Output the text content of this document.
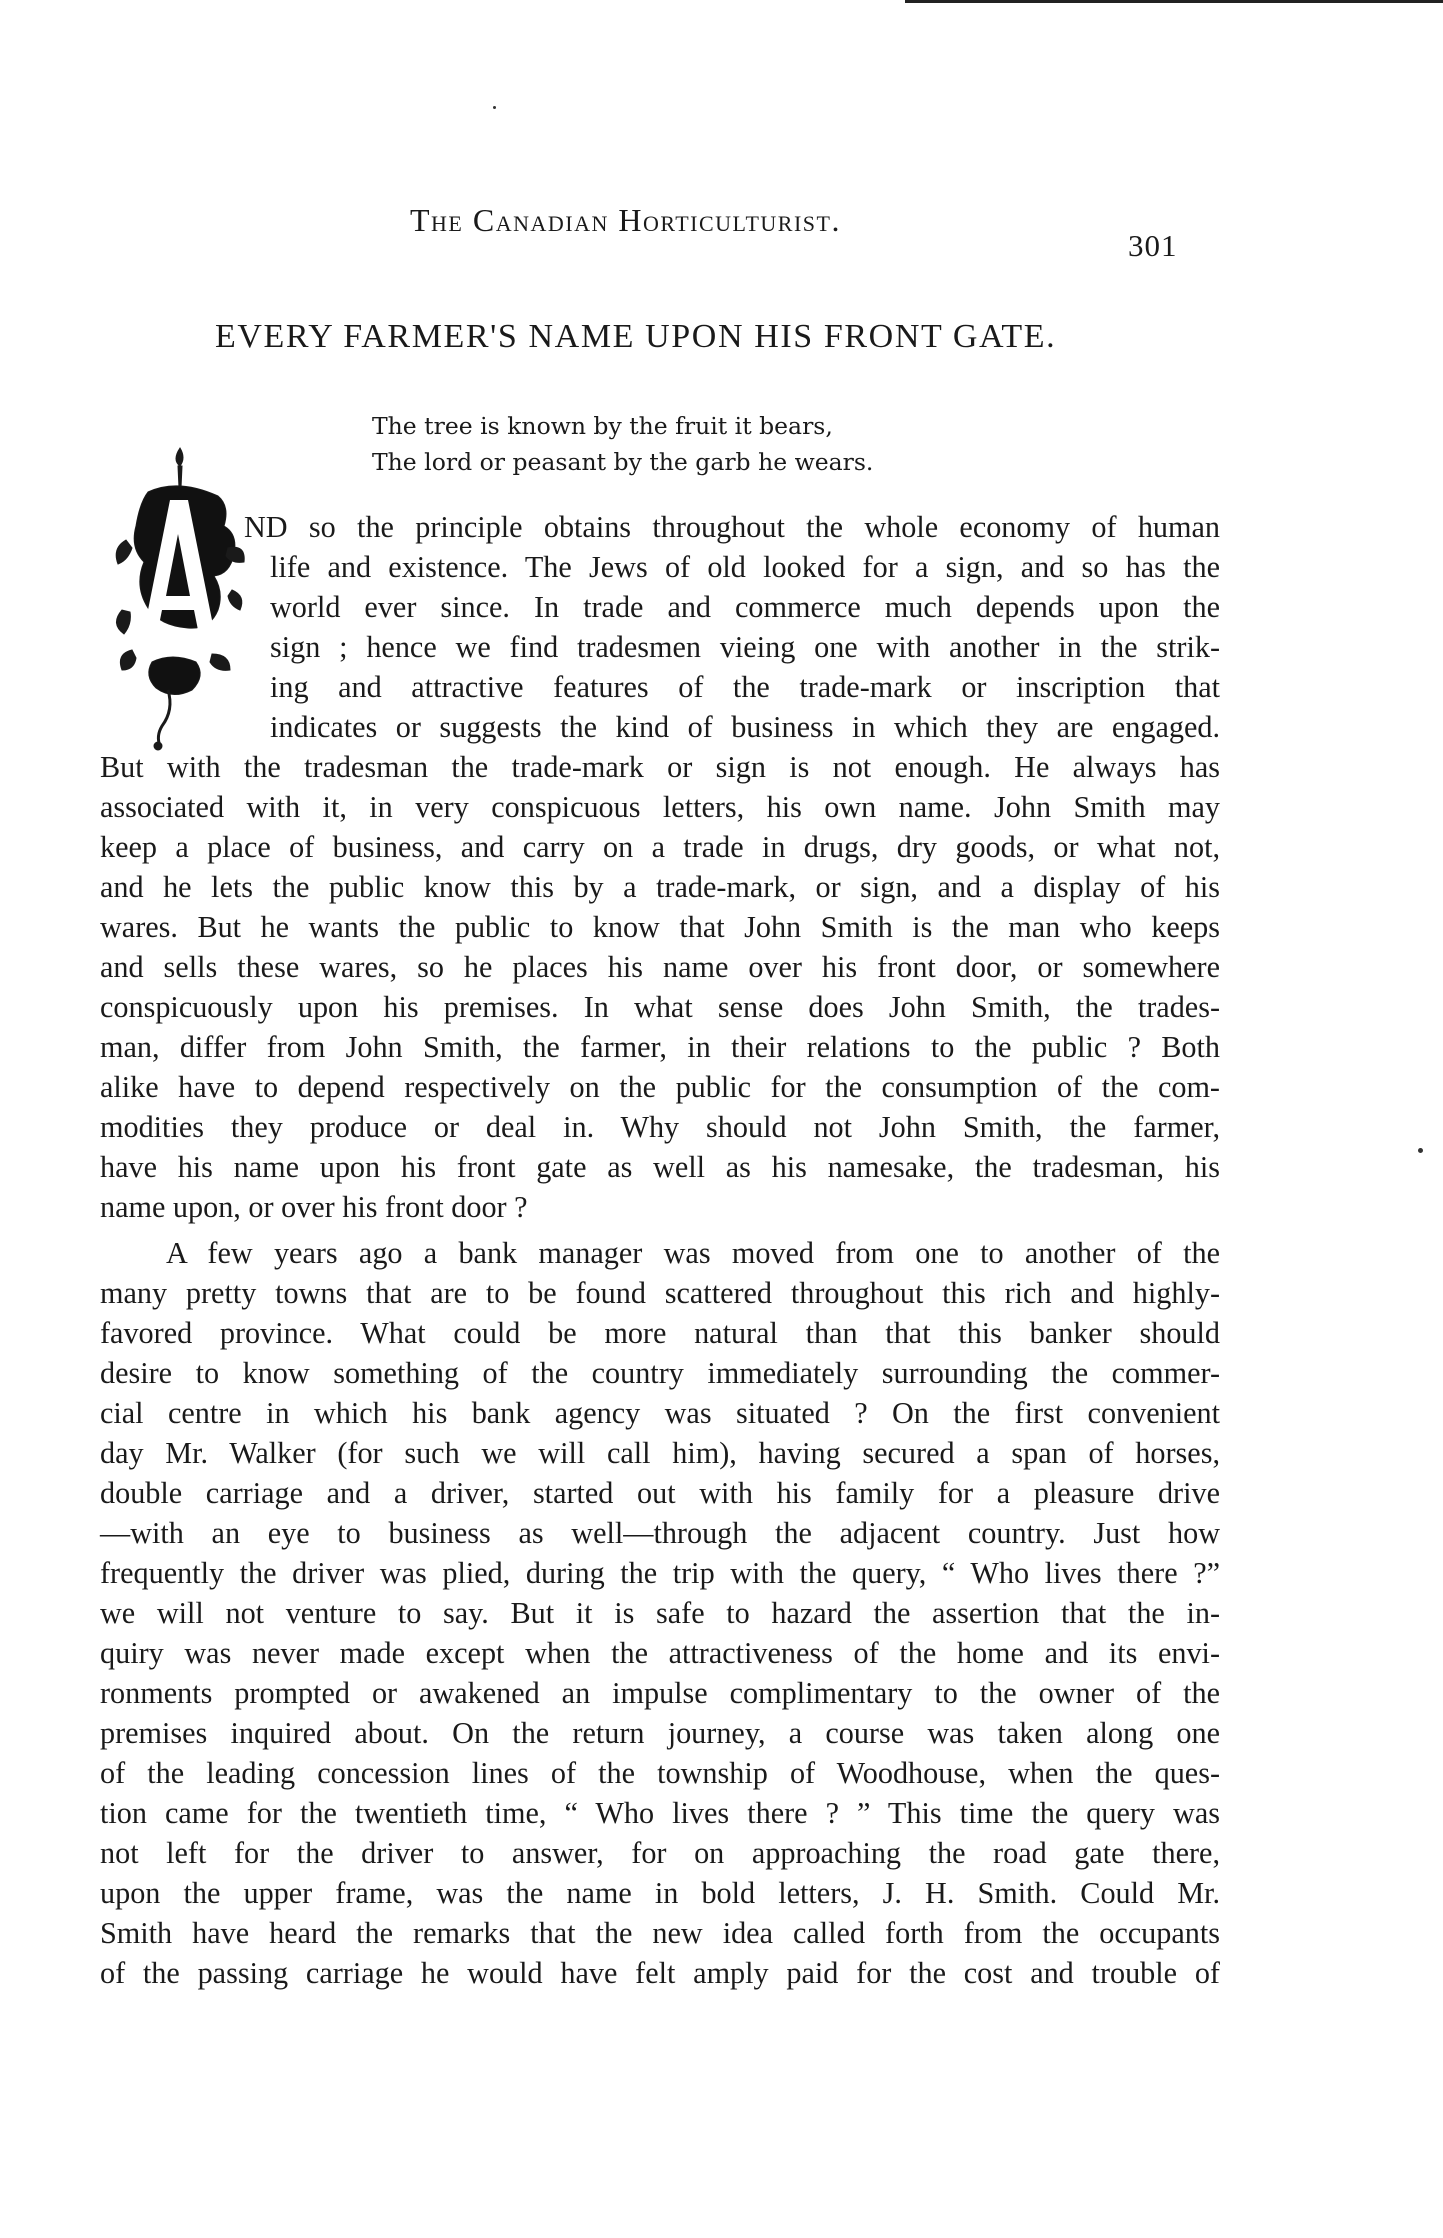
The Canadian Horticulturist.
301
EVERY FARMER'S NAME UPON HIS FRONT GATE.
The tree is known by the fruit it bears,
The lord or peasant by the garb he wears.
ND so the principle obtains throughout the whole economy of human
life and existence. The Jews of old looked for a sign, and so has the
world ever since. In trade and commerce much depends upon the
sign ; hence we find tradesmen vieing one with another in the strik-
ing and attractive features of the trade-mark or inscription that
indicates or suggests the kind of business in which they are engaged.
But with the tradesman the trade-mark or sign is not enough. He always has
associated with it, in very conspicuous letters, his own name. John Smith may
keep a place of business, and carry on a trade in drugs, dry goods, or what not,
and he lets the public know this by a trade-mark, or sign, and a display of his
wares. But he wants the public to know that John Smith is the man who keeps
and sells these wares, so he places his name over his front door, or somewhere
conspicuously upon his premises. In what sense does John Smith, the trades-
man, differ from John Smith, the farmer, in their relations to the public ? Both
alike have to depend respectively on the public for the consumption of the com-
modities they produce or deal in. Why should not John Smith, the farmer,
have his name upon his front gate as well as his namesake, the tradesman, his
name upon, or over his front door ?
A few years ago a bank manager was moved from one to another of the
many pretty towns that are to be found scattered throughout this rich and highly-
favored province. What could be more natural than that this banker should
desire to know something of the country immediately surrounding the commer-
cial centre in which his bank agency was situated ? On the first convenient
day Mr. Walker (for such we will call him), having secured a span of horses,
double carriage and a driver, started out with his family for a pleasure drive
—with an eye to business as well—through the adjacent country. Just how
frequently the driver was plied, during the trip with the query, “ Who lives there ?”
we will not venture to say. But it is safe to hazard the assertion that the in-
quiry was never made except when the attractiveness of the home and its envi-
ronments prompted or awakened an impulse complimentary to the owner of the
premises inquired about. On the return journey, a course was taken along one
of the leading concession lines of the township of Woodhouse, when the ques-
tion came for the twentieth time, “ Who lives there ? ” This time the query was
not left for the driver to answer, for on approaching the road gate there,
upon the upper frame, was the name in bold letters, J. H. Smith. Could Mr.
Smith have heard the remarks that the new idea called forth from the occupants
of the passing carriage he would have felt amply paid for the cost and trouble of
